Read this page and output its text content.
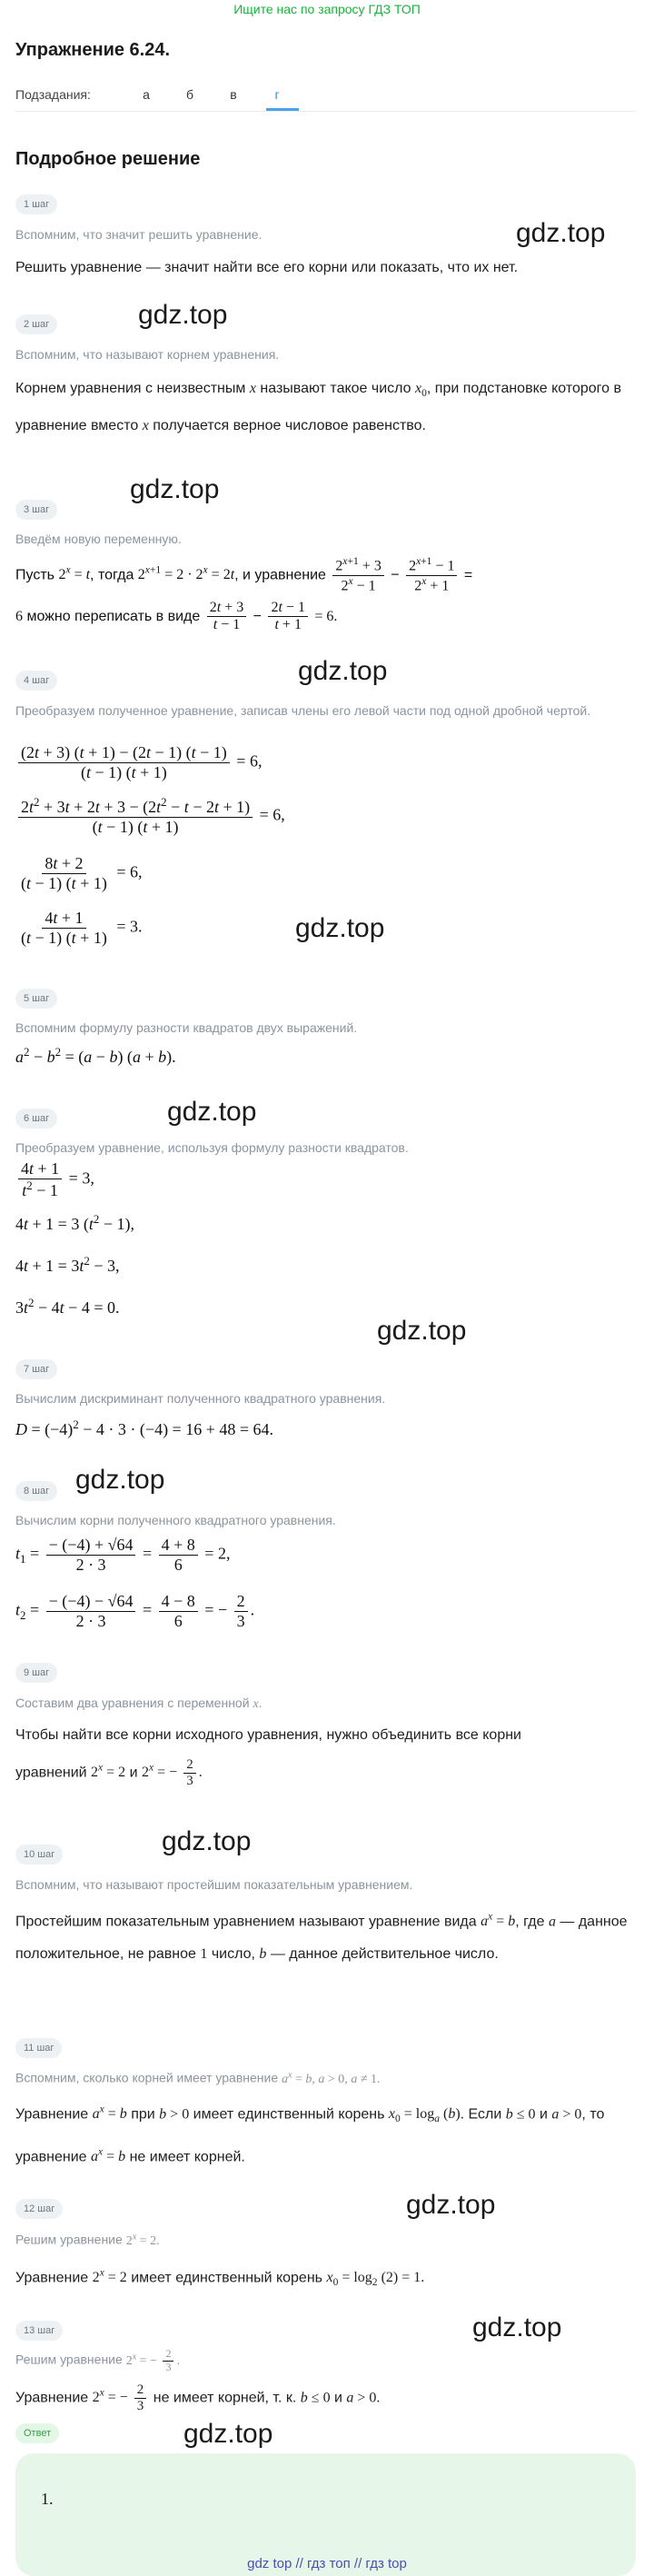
Ищите нас по запросу ГДЗ ТОП
Упражнение 6.24.
Подзадания:	а	б	в	г
Подробное решение
1 шаг
Вспомним, что значит решить уравнение.	gdz.top
Решить уравнение — значит найти все его корни или показать, что их нет.
2 шаг	gdz.top
Вспомним, что называют корнем уравнения.
Корнем уравнения с неизвестным x называют такое число $x_0$, при подстановке которого в уравнение вместо x получается верное числовое равенство.
3 шаг
gdz.top
Введём новую переменную.
Пусть $2^x = t$, тогда $2^{x+1} = 2 \cdot 2^x = 2t$, и уравнение $\frac{2^{x+1} + 3}{2^x - 1} - \frac{2^{x+1} - 1}{2^x + 1}$ =
6 можно переписать в виде $\frac{2t + 3}{t - 1} - \frac{2t - 1}{t + 1} = 6$.
4 шаг	gdz.top
Преобразуем полученное уравнение, записав члены его левой части под одной дробной чертой.
$\frac{(2t + 3) (t + 1) - (2t - 1) (t - 1)}{(t - 1) (t + 1)} = 6$,
$\frac{2t^2 + 3t + 2t + 3 - (2t^2 - t - 2t + 1)}{(t - 1) (t + 1)} = 6$,
$\frac{8t + 2}{(t - 1) (t + 1)} = 6$,
gdz.top
$\frac{4t + 1}{(t - 1) (t + 1)} = 3$.
5 шаг
Вспомним формулу разности квадратов двух выражений.
$a^2 - b^2 = (a - b) (a + b)$.
6 шаг	gdz.top
Преобразуем уравнение, используя формулу разности квадратов.
$\frac{4t + 1}{t^2 - 1} = 3$,
4t + 1 = 3 $(t^2 - 1)$,
$4t + 1 = 3t^2 - 3$,
$3t^2 - 4t - 4 = 0$.
gdz.top
7 шаг
Вычислим дискриминант полученного квадратного уравнения.
$D = (-4)^2 - 4 \cdot 3 \cdot (-4) = 16 + 48 = 64$.
8 шаг gdz.top
Вычислим корни полученного квадратного уравнения.
$t_1 = \frac{- (-4) + √64}{2 \cdot 3} = \frac{4 + 8}{6} = 2$,
$t_2 = \frac{- (-4) - √64}{2 \cdot 3} = \frac{4 - 8}{6}$ = − $\frac{2}{3}$ .
9 шаг
Составим два уравнения с переменной x.
Чтобы найти все корни исходного уравнения, нужно объединить все корни
уравнений $2^x = 2$ и $2^x$ = − $\frac{2}{3}$ .
10 шаг	gdz.top
Вспомним, что называют простейшим показательным уравнением.
Простейшим показательным уравнением называют уравнение вида $a^x = b$, где a — данное положительное, не равное 1 число, b — данное действительное число.
11 шаг
Вспомним, сколько корней имеет уравнение $a^x = b$, a > 0, a ≠ 1.
Уравнение $a^x = b$ при b > 0 имеет единственный корень $x_0 = \log_a (b)$. Если b ≤ 0 и a > 0, то уравнение $a^x = b$ не имеет корней.
12 шаг	gdz.top
Решим уравнение $2^x = 2$.
Уравнение $2^x = 2$ имеет единственный корень $x_0 = \log_2 (2) = 1$.
13 шаг	gdz.top
Решим уравнение $2^x$ = − $\frac{2}{3}$ .
Уравнение $2^x$ = − $\frac{2}{3}$ не имеет корней, т. к. b ≤ 0 и a > 0.
Ответ	gdz.top
1.
gdz top // гдз топ // гдз top
